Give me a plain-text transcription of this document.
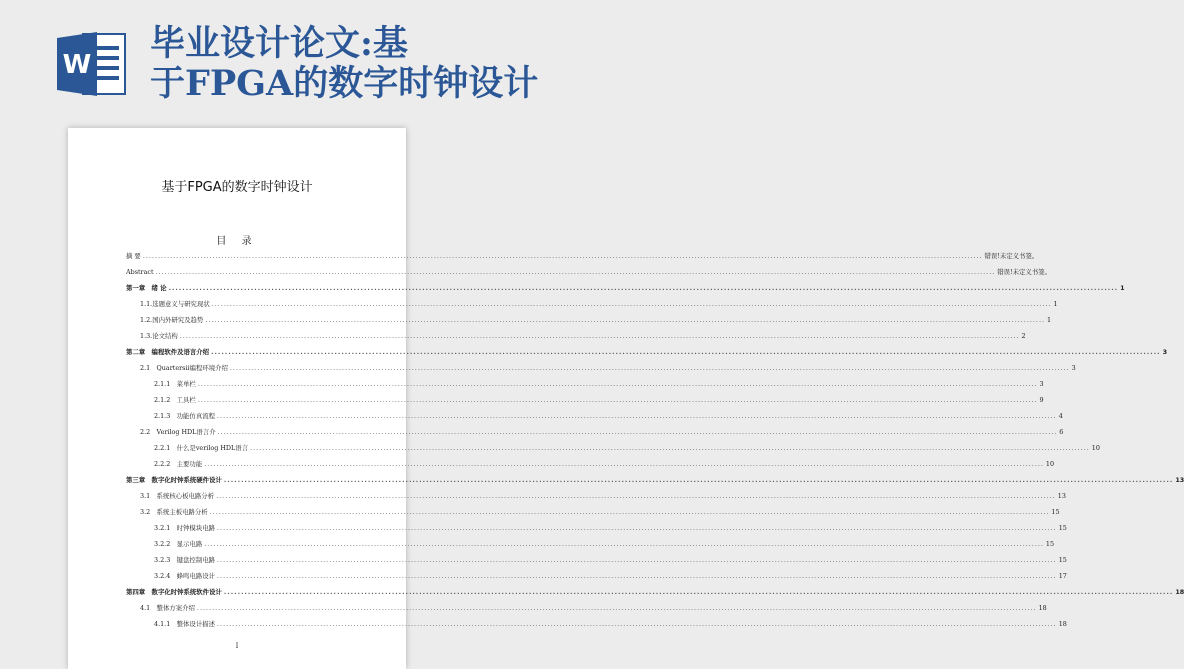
W
毕业设计论文:基
于FPGA的数字时钟设计
基于FPGA的数字时钟设计
目 录
摘 要 .....	错误!未定义书签。
Abstract .....	错误!未定义书签。
第一章　绪 论 .....	1
1.1.选题意义与研究现状 .....	1
1.2.国内外研究及趋势 .....	1
1.3.论文结构 .....	2
第二章　编程软件及语言介绍 .....	3
2.1　Quartersⅱ编程环境介绍 .....	3
2.1.1　菜单栏 .....	3
2.1.2　工具栏 .....	9
2.1.3　功能仿真流程 .....	4
2.2　Verilog HDL语言介 .....	6
2.2.1　什么是verilog HDL语言 .....	10
2.2.2　主要功能 .....	10
第三章　数字化时钟系统硬件设计 .....	13
3.1　系统核心板电路分析 .....	13
3.2　系统主板电路分析 .....	15
3.2.1　时钟模块电路 .....	15
3.2.2　显示电路 .....	15
3.2.3　键盘控制电路 .....	15
3.2.4　蜂鸣电路设计 .....	17
第四章　数字化时钟系统软件设计 .....	18
4.1　整体方案介绍 .....	18
4.1.1　整体设计描述 .....	18
I
